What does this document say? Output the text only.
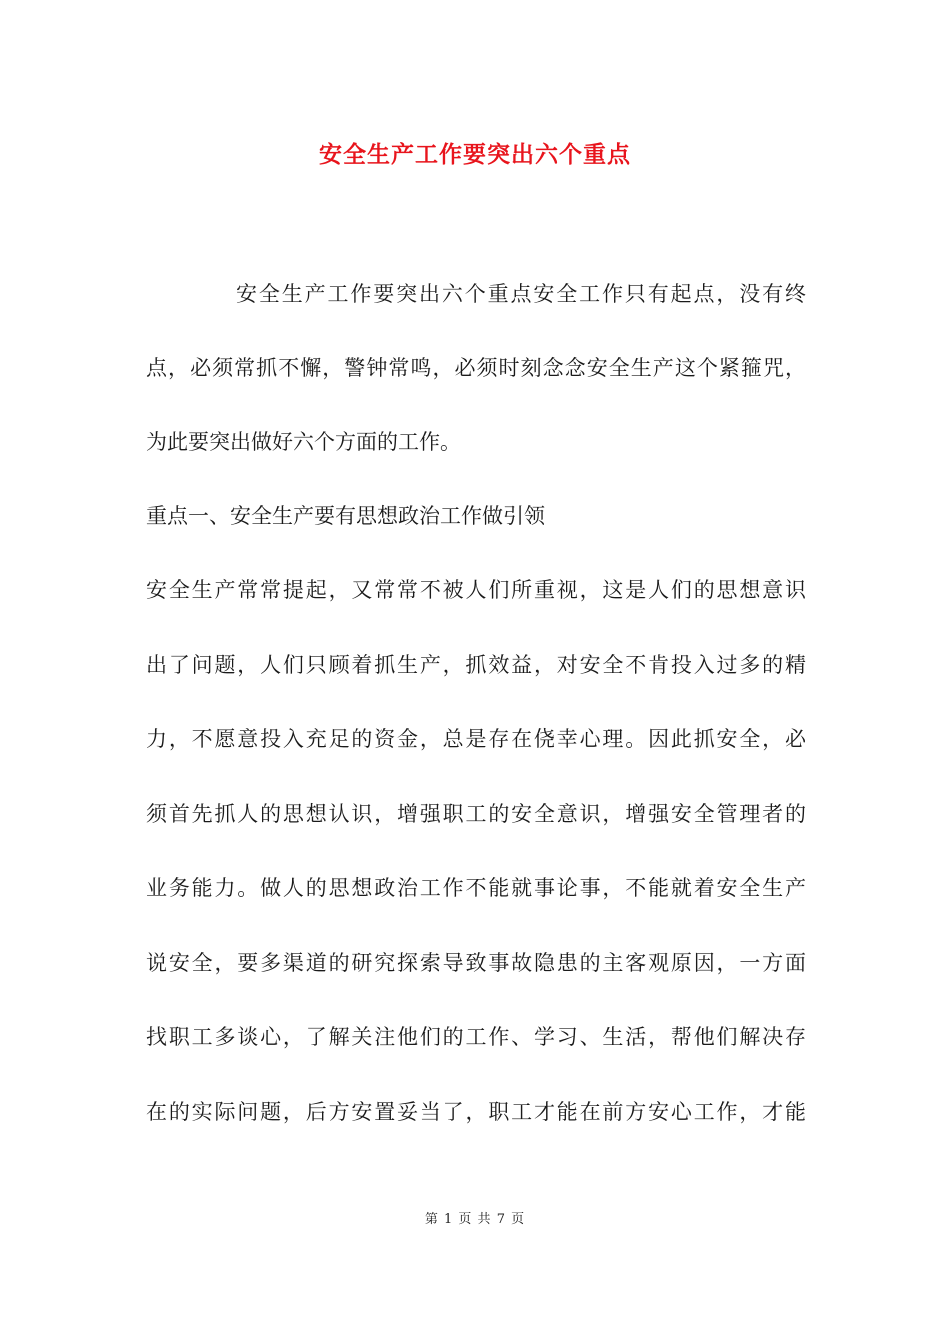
安全生产工作要突出六个重点
安全生产工作要突出六个重点安全工作只有起点，没有终
点，必须常抓不懈，警钟常鸣，必须时刻念念安全生产这个紧箍咒，
为此要突出做好六个方面的工作。
重点一、安全生产要有思想政治工作做引领
安全生产常常提起，又常常不被人们所重视，这是人们的思想意识
出了问题，人们只顾着抓生产，抓效益，对安全不肯投入过多的精
力，不愿意投入充足的资金，总是存在侥幸心理。因此抓安全，必
须首先抓人的思想认识，增强职工的安全意识，增强安全管理者的
业务能力。做人的思想政治工作不能就事论事，不能就着安全生产
说安全，要多渠道的研究探索导致事故隐患的主客观原因，一方面
找职工多谈心，了解关注他们的工作、学习、生活，帮他们解决存
在的实际问题，后方安置妥当了，职工才能在前方安心工作，才能
第 1 页 共 7 页
